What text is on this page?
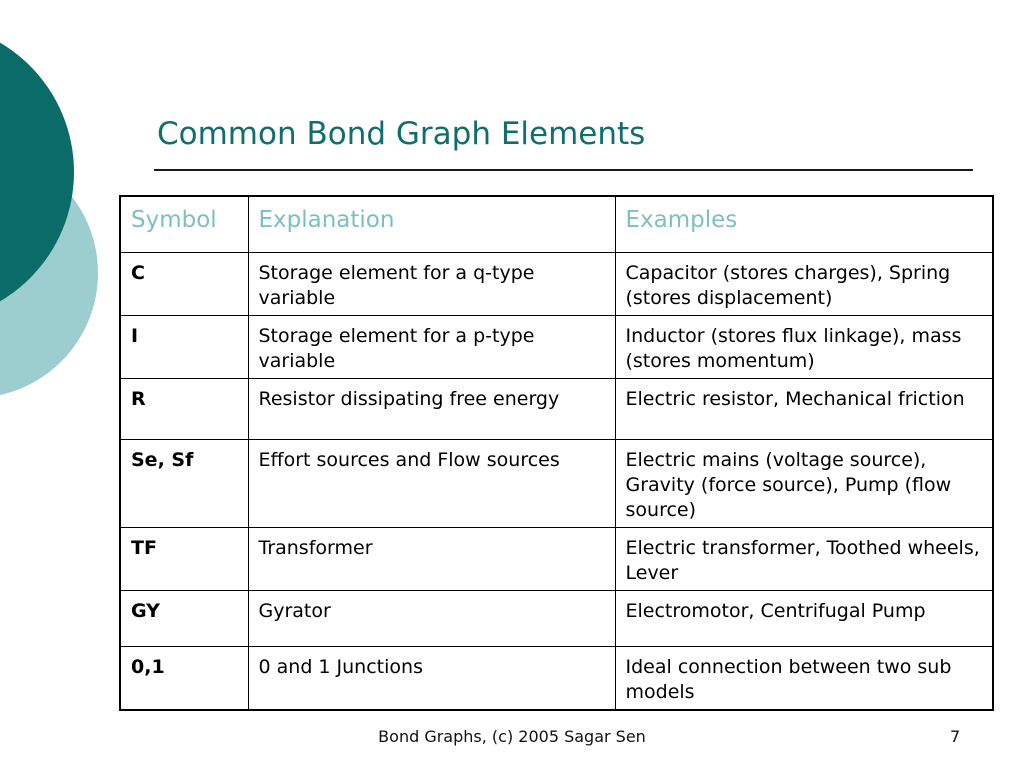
Common Bond Graph Elements
Symbol	Explanation	Examples
C	Storage element for a q-type variable	Capacitor (stores charges), Spring (stores displacement)
I	Storage element for a p-type variable	Inductor (stores flux linkage), mass (stores momentum)
R	Resistor dissipating free energy	Electric resistor, Mechanical friction
Se, Sf	Effort sources and Flow sources	Electric mains (voltage source), Gravity (force source), Pump (flow source)
TF	Transformer	Electric transformer, Toothed wheels, Lever
GY	Gyrator	Electromotor, Centrifugal Pump
0,1	0 and 1 Junctions	Ideal connection between two sub models
Bond Graphs, (c) 2005 Sagar Sen	7
